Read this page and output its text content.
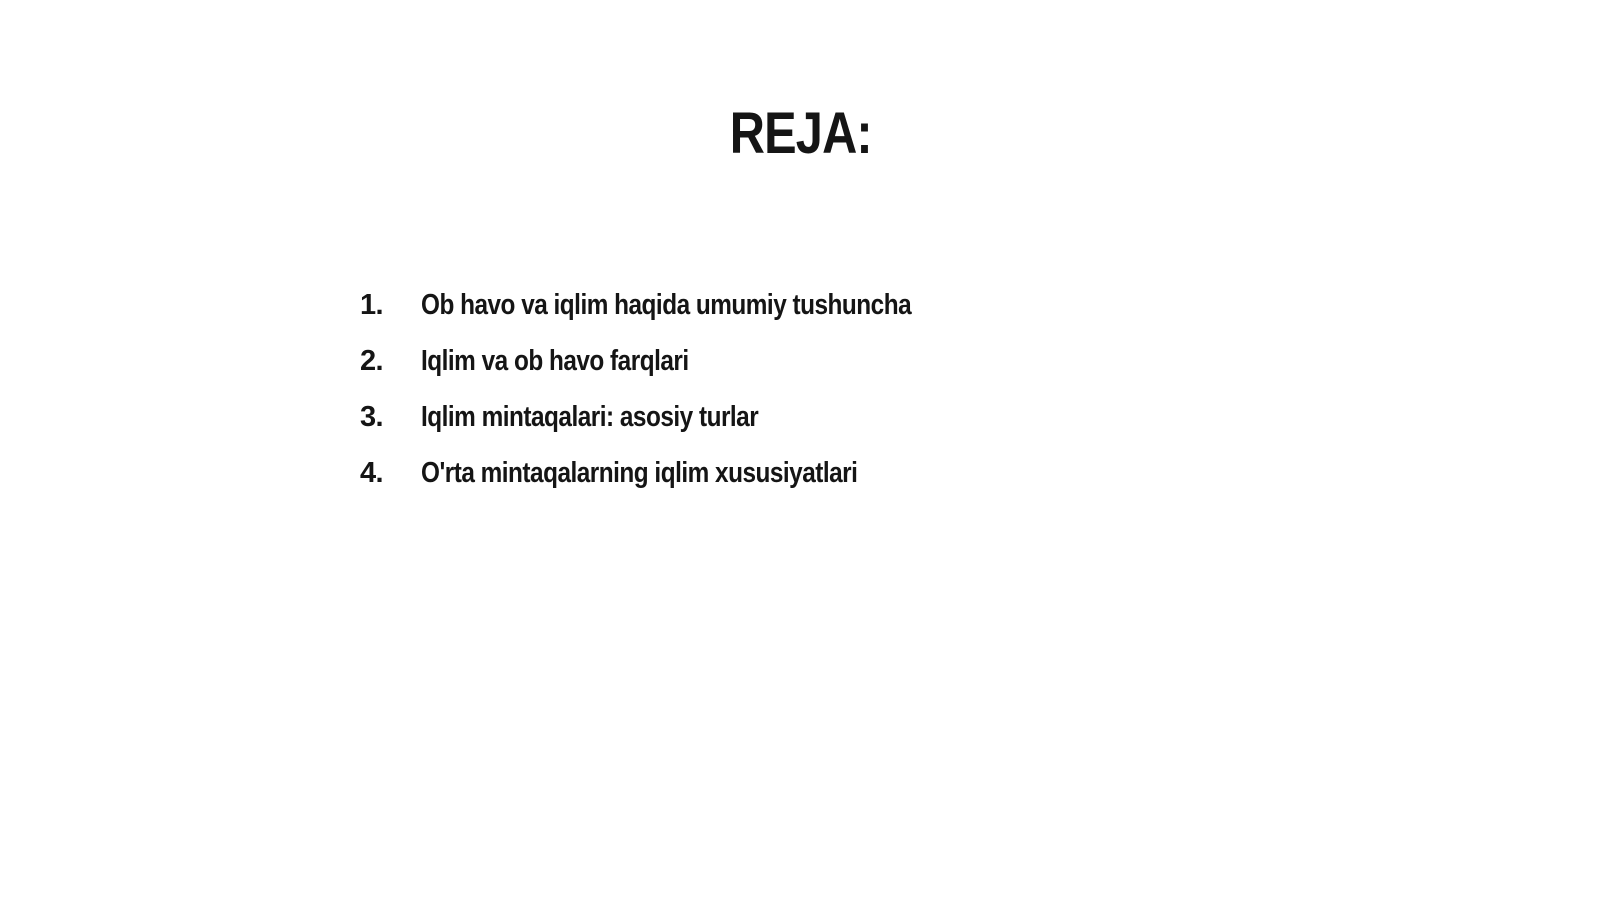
REJA:
1.	Ob havo va iqlim haqida umumiy tushuncha
2.	Iqlim va ob havo farqlari
3.	Iqlim mintaqalari: asosiy turlar
4.	O'rta mintaqalarning iqlim xususiyatlari
